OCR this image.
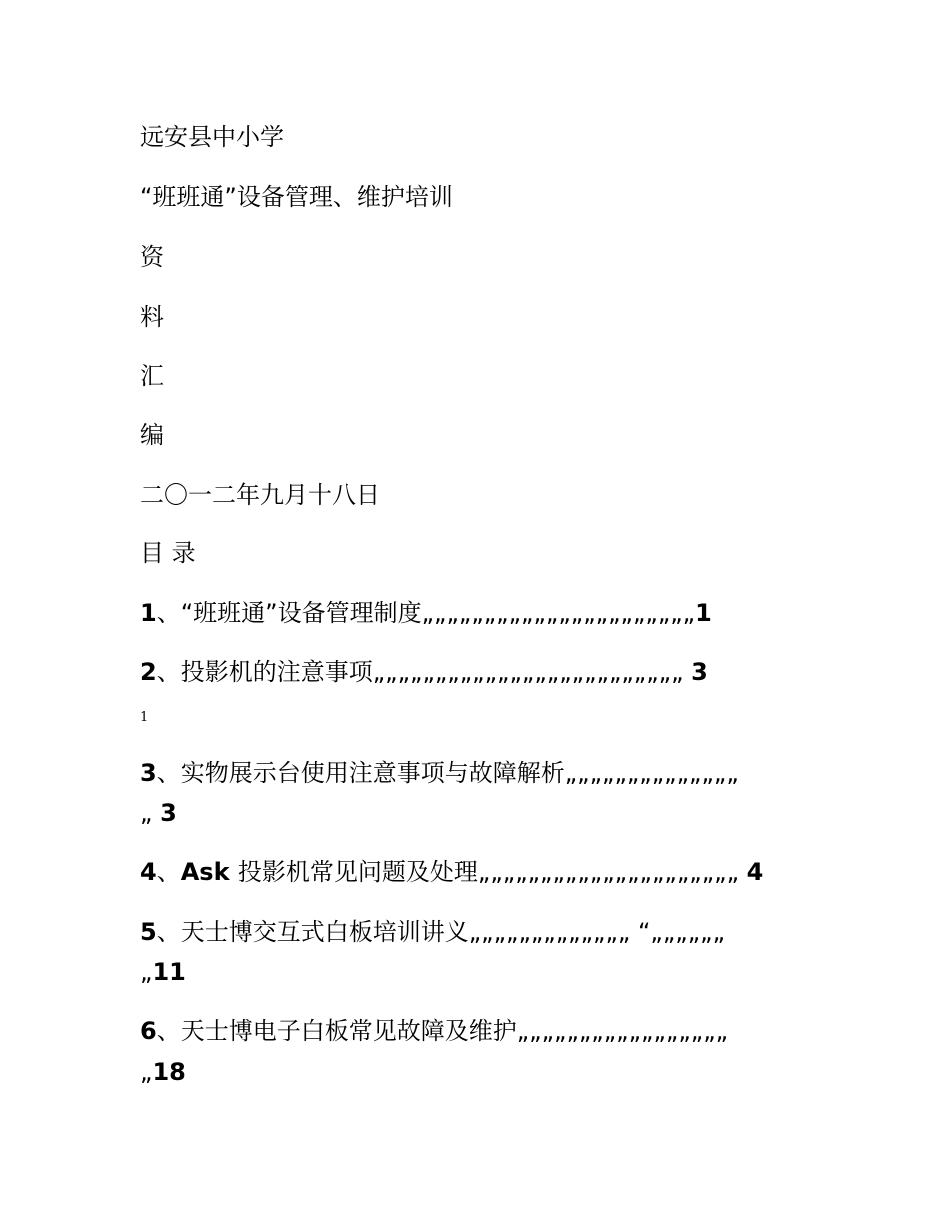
远安县中小学
“班班通”设备管理、维护培训
资
料
汇
编
二〇一二年九月十八日
目 录
1、“班班通”设备管理制度„„„„„„„„„„„„„„„„„„„„„„1
2、投影机的注意事项„„„„„„„„„„„„„„„„„„„„„„„„„ 3
1
3、实物展示台使用注意事项与故障解析„„„„„„„„„„„„„„
„ 3
4、Ask 投影机常见问题及处理„„„„„„„„„„„„„„„„„„„„„ 4
5、天士博交互式白板培训讲义„„„„„„„„„„„„„ “„„„„„„
„11
6、天士博电子白板常见故障及维护„„„„„„„„„„„„„„„„„
„18
